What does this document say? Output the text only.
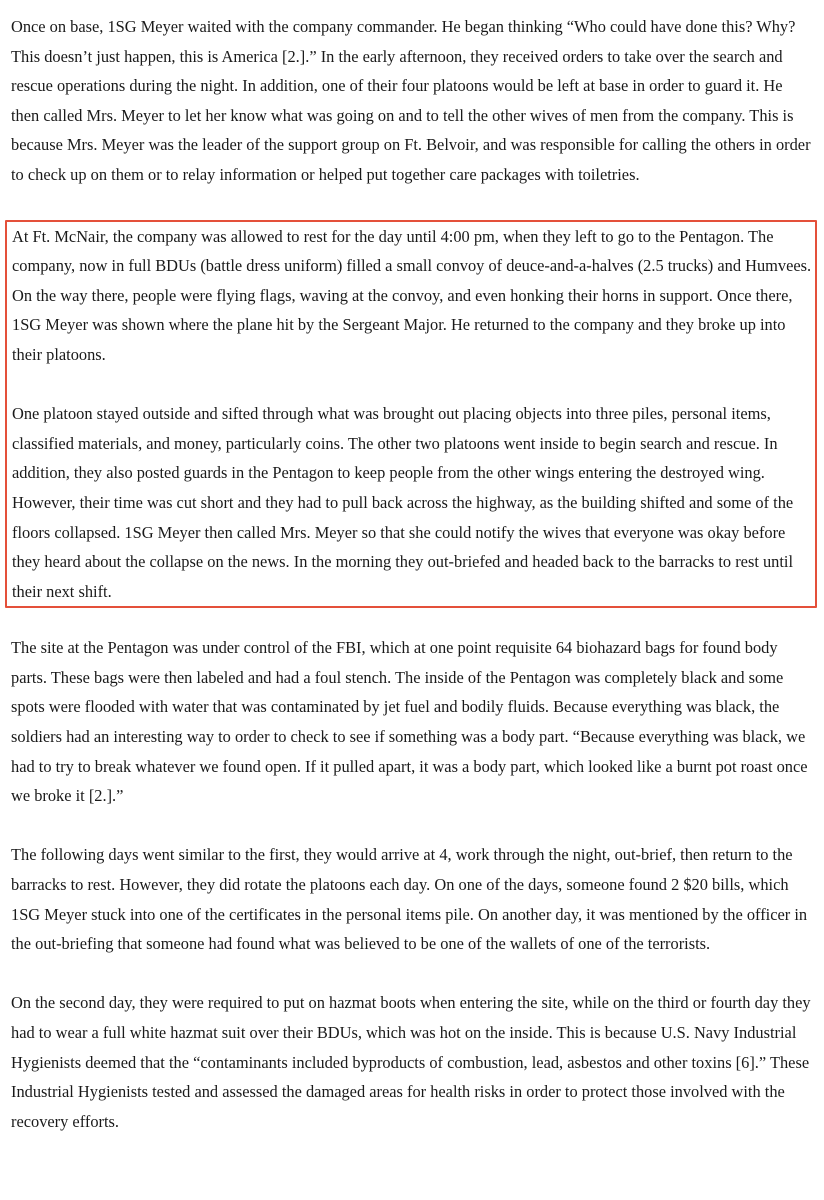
Once on base, 1SG Meyer waited with the company commander. He began thinking “Who could have done this? Why? This doesn’t just happen, this is America [2.].” In the early afternoon, they received orders to take over the search and rescue operations during the night. In addition, one of their four platoons would be left at base in order to guard it. He then called Mrs. Meyer to let her know what was going on and to tell the other wives of men from the company. This is because Mrs. Meyer was the leader of the support group on Ft. Belvoir, and was responsible for calling the others in order to check up on them or to relay information or helped put together care packages with toiletries.

At Ft. McNair, the company was allowed to rest for the day until 4:00 pm, when they left to go to the Pentagon. The company, now in full BDUs (battle dress uniform) filled a small convoy of deuce-and-a-halves (2.5 trucks) and Humvees. On the way there, people were flying flags, waving at the convoy, and even honking their horns in support. Once there, 1SG Meyer was shown where the plane hit by the Sergeant Major. He returned to the company and they broke up into their platoons.

One platoon stayed outside and sifted through what was brought out placing objects into three piles, personal items, classified materials, and money, particularly coins. The other two platoons went inside to begin search and rescue. In addition, they also posted guards in the Pentagon to keep people from the other wings entering the destroyed wing. However, their time was cut short and they had to pull back across the highway, as the building shifted and some of the floors collapsed. 1SG Meyer then called Mrs. Meyer so that she could notify the wives that everyone was okay before they heard about the collapse on the news. In the morning they out-briefed and headed back to the barracks to rest until their next shift.

The site at the Pentagon was under control of the FBI, which at one point requisite 64 biohazard bags for found body parts. These bags were then labeled and had a foul stench. The inside of the Pentagon was completely black and some spots were flooded with water that was contaminated by jet fuel and bodily fluids. Because everything was black, the soldiers had an interesting way to order to check to see if something was a body part. “Because everything was black, we had to try to break whatever we found open. If it pulled apart, it was a body part, which looked like a burnt pot roast once we broke it [2.].”

The following days went similar to the first, they would arrive at 4, work through the night, out-brief, then return to the barracks to rest. However, they did rotate the platoons each day. On one of the days, someone found 2 $20 bills, which 1SG Meyer stuck into one of the certificates in the personal items pile. On another day, it was mentioned by the officer in the out-briefing that someone had found what was believed to be one of the wallets of one of the terrorists.

On the second day, they were required to put on hazmat boots when entering the site, while on the third or fourth day they had to wear a full white hazmat suit over their BDUs, which was hot on the inside. This is because U.S. Navy Industrial Hygienists deemed that the “contaminants included byproducts of combustion, lead, asbestos and other toxins [6].” These Industrial Hygienists tested and assessed the damaged areas for health risks in order to protect those involved with the recovery efforts.
